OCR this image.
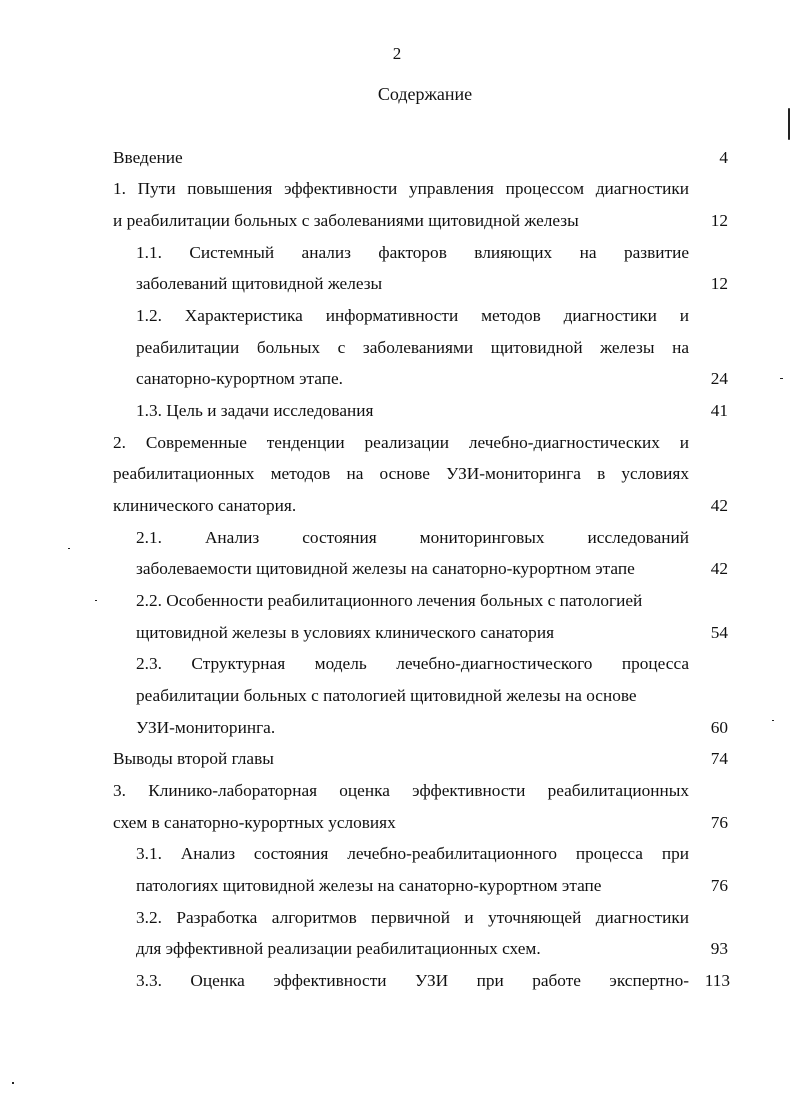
2
Содержание
Введение	4
1. Пути повышения эффективности управления процессом диагностики
и реабилитации больных с заболеваниями щитовидной железы	12
1.1. Системный анализ факторов влияющих на развитие
заболеваний щитовидной железы	12
1.2. Характеристика информативности методов диагностики и
реабилитации больных с заболеваниями щитовидной железы на
санаторно-курортном этапе.	24
1.3. Цель и задачи исследования	41
2. Современные тенденции реализации лечебно-диагностических и
реабилитационных методов на основе УЗИ-мониторинга в условиях
клинического санатория.	42
2.1. Анализ состояния мониторинговых исследований
заболеваемости щитовидной железы на санаторно-курортном этапе	42
2.2. Особенности реабилитационного лечения больных с патологией
щитовидной железы в условиях клинического санатория	54
2.3. Структурная модель лечебно-диагностического процесса
реабилитации больных с патологией щитовидной железы на основе
УЗИ-мониторинга.	60
Выводы второй главы	74
3. Клинико-лабораторная оценка эффективности реабилитационных
схем в санаторно-курортных условиях	76
3.1. Анализ состояния лечебно-реабилитационного процесса при
патологиях щитовидной железы на санаторно-курортном этапе	76
3.2. Разработка алгоритмов первичной и уточняющей диагностики
для эффективной реализации реабилитационных схем.	93
3.3. Оценка эффективности УЗИ при работе экспертно- 113
